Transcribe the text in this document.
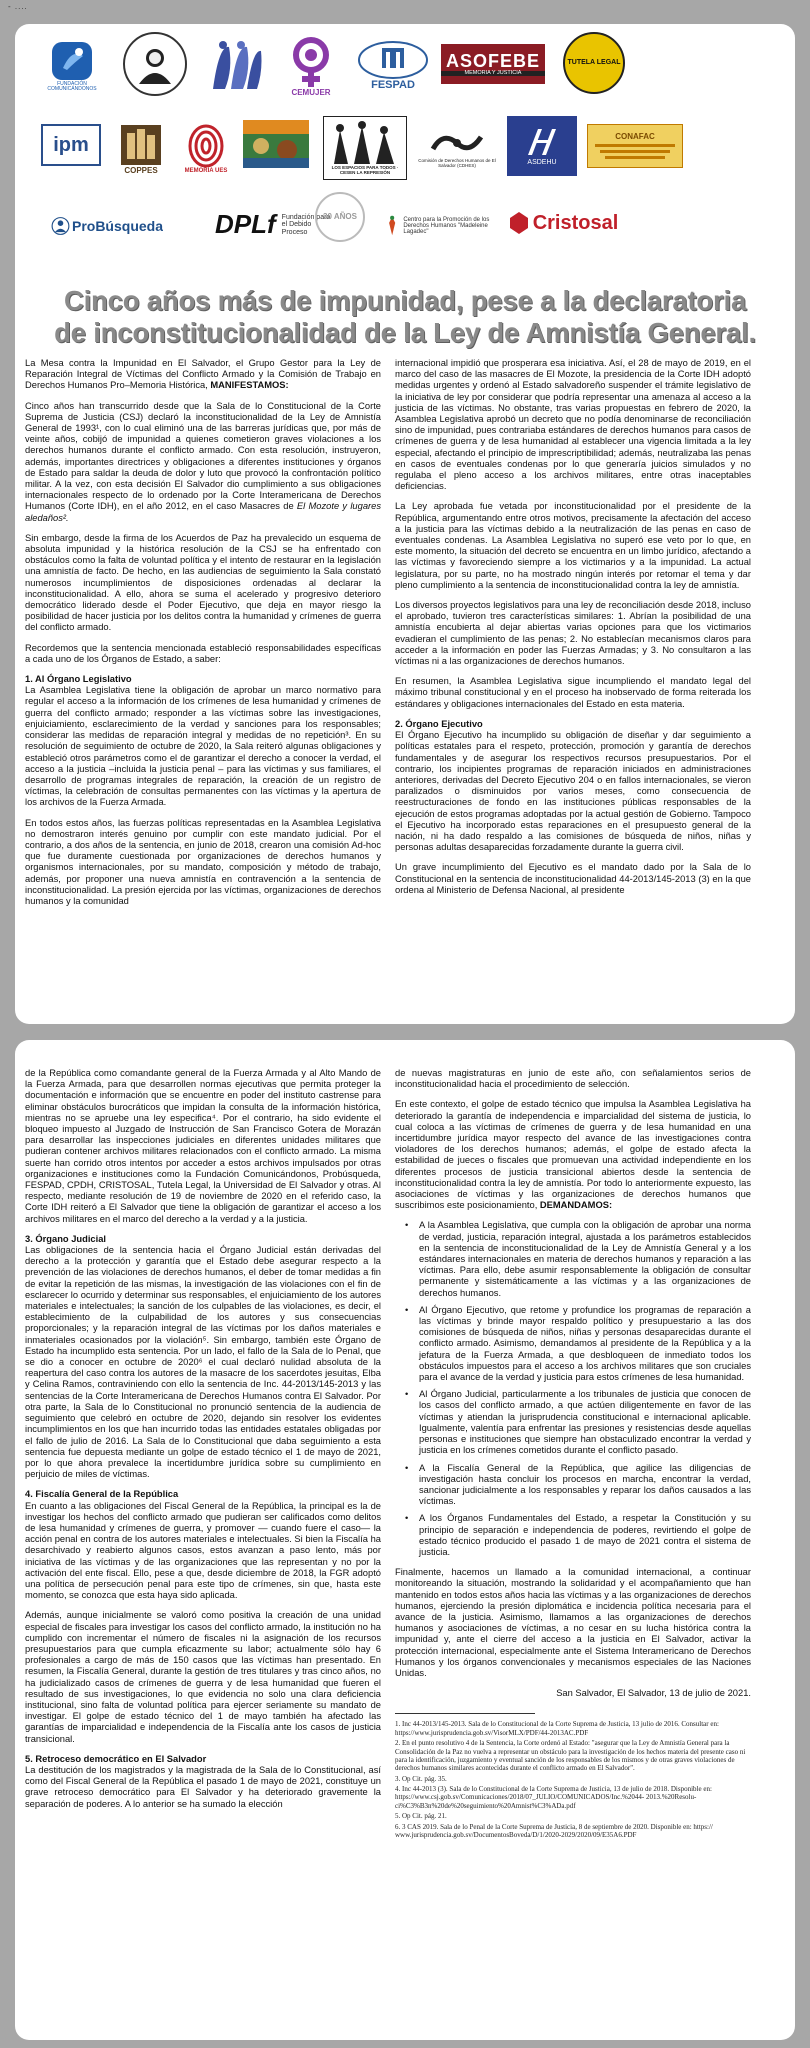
- ....
FUNDACIÓN
COMUNICÁNDONOS	CEMUJER
FESPAD
ASOFEBE
MEMORIA Y JUSTICIA
TUTELA LEGAL
ipm
COPPES	MEMORIA UES
LOS ESPACIOS PARA TODOS · CESEN LA REPRESIÓN
Comisión de Derechos Humanos de El Salvador (CDHES)	ASDEHU
CONAFAC
ProBúsqueda DPLf Fundación para el Debido Proceso
30 AÑOS	Centro para la Promoción de los Derechos Humanos "Madeleine Lagadec"	Cristosal
Cinco años más de impunidad, pese a la declaratoria
de inconstitucionalidad de la Ley de Amnistía General.

La Mesa contra la Impunidad en El Salvador, el Grupo Gestor para la Ley de Reparación Integral de Víctimas del Conflicto Armado y la Comisión de Trabajo en Derechos Humanos Pro–Memoria Histórica, MANIFESTAMOS:

Cinco años han transcurrido desde que la Sala de lo Constitucional de la Corte Suprema de Justicia (CSJ) declaró la inconstitucionalidad de la Ley de Amnistía General de 1993¹, con lo cual eliminó una de las barreras jurídicas que, por más de veinte años, cobijó de impunidad a quienes cometieron graves violaciones a los derechos humanos durante el conflicto armado. Con esta resolución, instruyeron, además, importantes directrices y obligaciones a diferentes instituciones y órganos de Estado para saldar la deuda de dolor y luto que provocó la confrontación político militar. A la vez, con esta decisión El Salvador dio cumplimiento a sus obligaciones internacionales respecto de lo ordenado por la Corte Interamericana de Derechos Humanos (Corte IDH), en el año 2012, en el caso Masacres de El Mozote y lugares aledaños².

Sin embargo, desde la firma de los Acuerdos de Paz ha prevalecido un esquema de absoluta impunidad y la histórica resolución de la CSJ se ha enfrentado con obstáculos como la falta de voluntad política y el intento de restaurar en la legislación una amnistía de facto. De hecho, en las audiencias de seguimiento la Sala constató numerosos incumplimientos de disposiciones ordenadas al declarar la inconstitucionalidad. A ello, ahora se suma el acelerado y progresivo deterioro democrático liderado desde el Poder Ejecutivo, que deja en mayor riesgo la posibilidad de hacer justicia por los delitos contra la humanidad y crímenes de guerra del conflicto armado.

Recordemos que la sentencia mencionada estableció responsabilidades específicas a cada uno de los Órganos de Estado, a saber:

1. Al Órgano Legislativo

La Asamblea Legislativa tiene la obligación de aprobar un marco normativo para regular el acceso a la información de los crímenes de lesa humanidad y crímenes de guerra del conflicto armado; responder a las víctimas sobre las investigaciones, enjuiciamiento, esclarecimiento de la verdad y sanciones para los responsables; considerar las medidas de reparación integral y medidas de no repetición³. En su resolución de seguimiento de octubre de 2020, la Sala reiteró algunas obligaciones y estableció otros parámetros como el de garantizar el derecho a conocer la verdad, el acceso a la justicia –incluida la justicia penal – para las víctimas y sus familiares, el desarrollo de programas integrales de reparación, la creación de un registro de víctimas, la celebración de consultas permanentes con las víctimas y la apertura de los archivos de la Fuerza Armada.

En todos estos años, las fuerzas políticas representadas en la Asamblea Legislativa no demostraron interés genuino por cumplir con este mandato judicial. Por el contrario, a dos años de la sentencia, en junio de 2018, crearon una comisión Ad-hoc que fue duramente cuestionada por organizaciones de derechos humanos y organismos internacionales, por su mandato, composición y método de trabajo, además, por proponer una nueva amnistía en contravención a la sentencia de inconstitucionalidad. La presión ejercida por las víctimas, organizaciones de derechos humanos y la comunidad

internacional impidió que prosperara esa iniciativa. Así, el 28 de mayo de 2019, en el marco del caso de las masacres de El Mozote, la presidencia de la Corte IDH adoptó medidas urgentes y ordenó al Estado salvadoreño suspender el trámite legislativo de la iniciativa de ley por considerar que podría representar una amenaza al acceso a la justicia de las víctimas. No obstante, tras varias propuestas en febrero de 2020, la Asamblea Legislativa aprobó un decreto que no podía denominarse de reconciliación sino de impunidad, pues contrariaba estándares de derechos humanos para casos de crímenes de guerra y de lesa humanidad al establecer una vigencia limitada a la ley especial, afectando el principio de imprescriptibilidad; además, neutralizaba las penas en casos de eventuales condenas por lo que generaría juicios simulados y no regulaba el pleno acceso a los archivos militares, entre otras inaceptables deficiencias.

La Ley aprobada fue vetada por inconstitucionalidad por el presidente de la República, argumentando entre otros motivos, precisamente la afectación del acceso a la justicia para las víctimas debido a la neutralización de las penas en caso de eventuales condenas. La Asamblea Legislativa no superó ese veto por lo que, en este momento, la situación del decreto se encuentra en un limbo jurídico, afectando a las víctimas y favoreciendo siempre a los victimarios y a la impunidad. La actual legislatura, por su parte, no ha mostrado ningún interés por retomar el tema y dar pleno cumplimiento a la sentencia de inconstitucionalidad contra la ley de amnistía.

Los diversos proyectos legislativos para una ley de reconciliación desde 2018, incluso el aprobado, tuvieron tres características similares: 1. Abrían la posibilidad de una amnistía encubierta al dejar abiertas varias opciones para que los victimarios evadieran el cumplimiento de las penas; 2. No establecían mecanismos claros para acceder a la información en poder las Fuerzas Armadas; y 3. No consultaron a las víctimas ni a las organizaciones de derechos humanos.

En resumen, la Asamblea Legislativa sigue incumpliendo el mandato legal del máximo tribunal constitucional y en el proceso ha inobservado de forma reiterada los estándares y obligaciones internacionales del Estado en esta materia.

2. Órgano Ejecutivo

El Órgano Ejecutivo ha incumplido su obligación de diseñar y dar seguimiento a políticas estatales para el respeto, protección, promoción y garantía de derechos fundamentales y de asegurar los respectivos recursos presupuestarios. Por el contrario, los incipientes programas de reparación iniciados en administraciones anteriores, derivadas del Decreto Ejecutivo 204 o en fallos internacionales, se vieron paralizados o disminuidos por varios meses, como consecuencia de reestructuraciones de fondo en las instituciones públicas responsables de la ejecución de estos programas adoptadas por la actual gestión de Gobierno. Tampoco el Ejecutivo ha incorporado estas reparaciones en el presupuesto general de la nación, ni ha dado respaldo a las comisiones de búsqueda de niños, niñas y personas adultas desaparecidas forzadamente durante la guerra civil.

Un grave incumplimiento del Ejecutivo es el mandato dado por la Sala de lo Constitucional en la sentencia de inconstitucionalidad 44-2013/145-2013 (3) en la que ordena al Ministerio de Defensa Nacional, al presidente

de la República como comandante general de la Fuerza Armada y al Alto Mando de la Fuerza Armada, para que desarrollen normas ejecutivas que permita proteger la documentación e información que se encuentre en poder del instituto castrense para eliminar obstáculos burocráticos que impidan la consulta de la información histórica, mientras no se apruebe una ley especifica⁴. Por el contrario, ha sido evidente el bloqueo impuesto al Juzgado de Instrucción de San Francisco Gotera de Morazán para desarrollar las inspecciones judiciales en diferentes unidades militares que pudieran contener archivos militares relacionados con el conflicto armado. La misma suerte han corrido otros intentos por acceder a estos archivos impulsados por otras organizaciones e instituciones como la Fundación Comunicándonos, Probúsqueda, FESPAD, CPDH, CRISTOSAL, Tutela Legal, la Universidad de El Salvador y otras. Al respecto, mediante resolución de 19 de noviembre de 2020 en el referido caso, la Corte IDH reiteró a El Salvador que tiene la obligación de garantizar el acceso a los archivos militares en el marco del derecho a la verdad y a la justicia.

3. Órgano Judicial

Las obligaciones de la sentencia hacia el Órgano Judicial están derivadas del derecho a la protección y garantía que el Estado debe asegurar respecto a la prevención de las violaciones de derechos humanos, el deber de tomar medidas a fin de evitar la repetición de las mismas, la investigación de las violaciones con el fin de esclarecer lo ocurrido y determinar sus responsables, el enjuiciamiento de los autores materiales e intelectuales; la sanción de los culpables de las violaciones, es decir, el establecimiento de la culpabilidad de los autores y sus consecuencias proporcionales; y la reparación integral de las víctimas por los daños materiales e inmateriales ocasionados por la violación⁵. Sin embargo, también este Órgano de Estado ha incumplido esta sentencia. Por un lado, el fallo de la Sala de lo Penal, que se dio a conocer en octubre de 2020⁶ el cual declaró nulidad absoluta de la reapertura del caso contra los autores de la masacre de los sacerdotes jesuitas, Elba y Celina Ramos, contraviniendo con ello la sentencia de Inc. 44-2013/145-2013 y las sentencias de la Corte Interamericana de Derechos Humanos contra El Salvador. Por otra parte, la Sala de lo Constitucional no pronunció sentencia de la audiencia de seguimiento que celebró en octubre de 2020, dejando sin resolver los evidentes incumplimientos en los que han incurrido todas las entidades estatales obligadas por el fallo de julio de 2016. La Sala de lo Constitucional que daba seguimiento a esta sentencia fue depuesta mediante un golpe de estado técnico el 1 de mayo de 2021, por lo que ahora prevalece la incertidumbre jurídica sobre su cumplimiento en perjuicio de miles de víctimas.

4. Fiscalía General de la República

En cuanto a las obligaciones del Fiscal General de la República, la principal es la de investigar los hechos del conflicto armado que pudieran ser calificados como delitos de lesa humanidad y crímenes de guerra, y promover — cuando fuere el caso— la acción penal en contra de los autores materiales e intelectuales. Si bien la Fiscalía ha desarchivado y reabierto algunos casos, estos avanzan a paso lento, más por iniciativa de las víctimas y de las organizaciones que las representan y no por la activación del ente fiscal. Ello, pese a que, desde diciembre de 2018, la FGR adoptó una política de persecución penal para este tipo de crímenes, sin que, hasta este momento, se conozca que esta haya sido aplicada.

Además, aunque inicialmente se valoró como positiva la creación de una unidad especial de fiscales para investigar los casos del conflicto armado, la institución no ha cumplido con incrementar el número de fiscales ni la asignación de los recursos presupuestarios para que cumpla eficazmente su labor; actualmente sólo hay 6 profesionales a cargo de más de 150 casos que las víctimas han presentado. En resumen, la Fiscalía General, durante la gestión de tres titulares y tras cinco años, no ha judicializado casos de crímenes de guerra y de lesa humanidad que fueren el resultado de sus investigaciones, lo que evidencia no solo una clara deficiencia institucional, sino falta de voluntad política para ejercer seriamente su mandato de investigar. El golpe de estado técnico del 1 de mayo también ha afectado las garantías de imparcialidad e independencia de la Fiscalía ante los casos de justicia transicional.

5. Retroceso democrático en El Salvador

La destitución de los magistrados y la magistrada de la Sala de lo Constitucional, así como del Fiscal General de la República el pasado 1 de mayo de 2021, constituye un grave retroceso democrático para El Salvador y ha deteriorado gravemente la separación de poderes. A lo anterior se ha sumado la elección

de nuevas magistraturas en junio de este año, con señalamientos serios de inconstitucionalidad hacia el procedimiento de selección.

En este contexto, el golpe de estado técnico que impulsa la Asamblea Legislativa ha deteriorado la garantía de independencia e imparcialidad del sistema de justicia, lo cual coloca a las víctimas de crímenes de guerra y de lesa humanidad en una incertidumbre jurídica mayor respecto del avance de las investigaciones contra violadores de los derechos humanos; además, el golpe de estado afecta la estabilidad de jueces o fiscales que promuevan una actividad independiente en los diferentes procesos de justicia transicional abiertos desde la sentencia de inconstitucionalidad contra la ley de amnistía. Por todo lo anteriormente expuesto, las asociaciones de víctimas y las organizaciones de derechos humanos que suscribimos este posicionamiento, DEMANDAMOS:

• A la Asamblea Legislativa, que cumpla con la obligación de aprobar una norma de verdad, justicia, reparación integral, ajustada a los parámetros establecidos en la sentencia de inconstitucionalidad de la Ley de Amnistía General y a los estándares internacionales en materia de derechos humanos y reparación a las víctimas. Para ello, debe asumir responsablemente la obligación de consultar permanente y sistemáticamente a las víctimas y a las organizaciones de derechos humanos.
• Al Órgano Ejecutivo, que retome y profundice los programas de reparación a las víctimas y brinde mayor respaldo político y presupuestario a las dos comisiones de búsqueda de niños, niñas y personas desaparecidas durante el conflicto armado. Asimismo, demandamos al presidente de la República y a la jefatura de la Fuerza Armada, a que desbloqueen de inmediato todos los obstáculos impuestos para el acceso a los archivos militares que son cruciales para el avance de la verdad y justicia para estos crímenes de lesa humanidad.
• Al Órgano Judicial, particularmente a los tribunales de justicia que conocen de los casos del conflicto armado, a que actúen diligentemente en favor de las víctimas y atiendan la jurisprudencia constitucional e internacional aplicable. Igualmente, valentía para enfrentar las presiones y resistencias desde aquellas personas e instituciones que siempre han obstaculizado encontrar la verdad y justicia en los crímenes cometidos durante el conflicto pasado.
• A la Fiscalía General de la República, que agilice las diligencias de investigación hasta concluir los procesos en marcha, encontrar la verdad, sancionar judicialmente a los responsables y reparar los daños causados a las víctimas.
• A los Órganos Fundamentales del Estado, a respetar la Constitución y su principio de separación e independencia de poderes, revirtiendo el golpe de estado técnico producido el pasado 1 de mayo de 2021 contra el sistema de justicia.

Finalmente, hacemos un llamado a la comunidad internacional, a continuar monitoreando la situación, mostrando la solidaridad y el acompañamiento que han mantenido en todos estos años hacia las víctimas y a las organizaciones de derechos humanos, ejerciendo la presión diplomática e incidencia política necesaria para el avance de la justicia. Asimismo, llamamos a las organizaciones de derechos humanos y asociaciones de víctimas, a no cesar en su lucha histórica contra la impunidad y, ante el cierre del acceso a la justicia en El Salvador, activar la protección internacional, especialmente ante el Sistema Interamericano de Derechos Humanos y los órganos convencionales y mecanismos especiales de las Naciones Unidas.

San Salvador, El Salvador, 13 de julio de 2021.

1. Inc 44-2013/145-2013. Sala de lo Constitucional de la Corte Suprema de Justicia, 13 julio de 2016. Consultar en: https://www.jurisprudencia.gob.sv/VisorMLX/PDF/44-2013AC.PDF

2. En el punto resolutivo 4 de la Sentencia, la Corte ordenó al Estado: "asegurar que la Ley de Amnistía General para la Consolidación de la Paz no vuelva a representar un obstáculo para la investigación de los hechos materia del presente caso ni para la identificación, juzgamiento y eventual sanción de los responsables de los mismos y de otras graves violaciones de derechos humanos similares acontecidas durante el conflicto armado en El Salvador".

3. Op Cit. pág. 35.

4. Inc 44-2013 (3). Sala de lo Constitucional de la Corte Suprema de Justicia, 13 de julio de 2018. Disponible en: https://www.csj.gob.sv/Comunicaciones/2018/07_JULIO/COMUNICADOS/Inc.%2044- 2013.%20Resolu- ci%C3%B3n%20de%20seguimiento%20Amnist%C3%ADa.pdf

5. Op Cit. pág. 21.

6. 3 CAS 2019. Sala de lo Penal de la Corte Suprema de Justicia, 8 de septiembre de 2020. Disponible en: https:// www.jurisprudencia.gob.sv/DocumentosBoveda/D/1/2020-2029/2020/09/E35A6.PDF
